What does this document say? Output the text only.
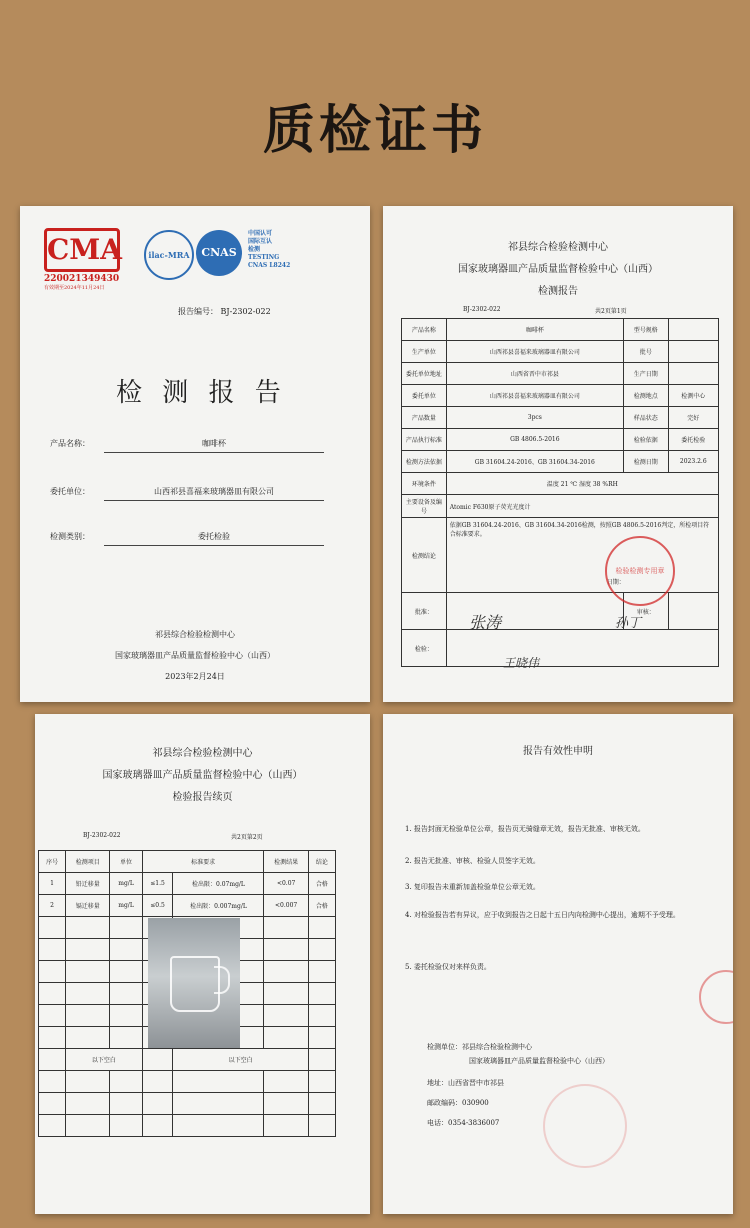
质检证书
CMA
220021349430
有效期至2024年11月24日
ilac-MRA	CNAS
中国认可
国际互认
检测
TESTING
CNAS L8242
报告编号： BJ-2302-022
检 测 报 告
产品名称：	咖啡杯
委托单位：	山西祁县喜福来玻璃器皿有限公司
检测类别：	委托检验
祁县综合检验检测中心
国家玻璃器皿产品质量监督检验中心（山西）
2023年2月24日
祁县综合检验检测中心
国家玻璃器皿产品质量监督检验中心（山西）
检测报告
BJ-2302-022	共2页第1页
产品名称	咖啡杯	型号规格	
生产单位	山西祁县喜福来玻璃器皿有限公司	批号	
委托单位地址	山西省晋中市祁县	生产日期	
委托单位	山西祁县喜福来玻璃器皿有限公司	检测地点	检测中心
产品数量	3pcs	样品状态	完好
产品执行标准	GB 4806.5-2016	检验依据	委托检验
检测方法依据	GB 31604.24-2016、GB 31604.34-2016	检测日期	2023.2.6
环境条件	温度 21 ℃ 湿度 38 %RH		
主要设备及编号	Atomic F630原子荧光光度计		
检测结论	依据GB 31604.24-2016、GB 31604.34-2016检测，按照GB 4806.5-2016判定，所检项目符合标准要求。
日期：		

批准：		审核：	
检验：			
检验检测专用章
张涛	孙丁
王晓伟
祁县综合检验检测中心
国家玻璃器皿产品质量监督检验中心（山西）
检验报告续页
BJ-2302-022	共2页第2页
序号	检测项目	单位	标准要求		检测结果	结论
1	铅迁移量	mg/L	≤1.5	检出限：0.07mg/L	<0.07	合格
2	镉迁移量	mg/L	≤0.5	检出限：0.007mg/L	<0.007	合格

	以下空白			以下空白		

报告有效性申明
1. 报告封面无检验单位公章，报告页无骑缝章无效，报告无批准、审核无效。
2. 报告无批准、审核、检验人员签字无效。
3. 复印报告未重新加盖检验单位公章无效。
4. 对检验报告若有异议，应于收到报告之日起十五日内向检测中心提出，逾期不予受理。
5. 委托检验仅对来样负责。
检测单位：祁县综合检验检测中心
国家玻璃器皿产品质量监督检验中心（山西）
地址：山西省晋中市祁县
邮政编码：030900
电话：0354-3836007
